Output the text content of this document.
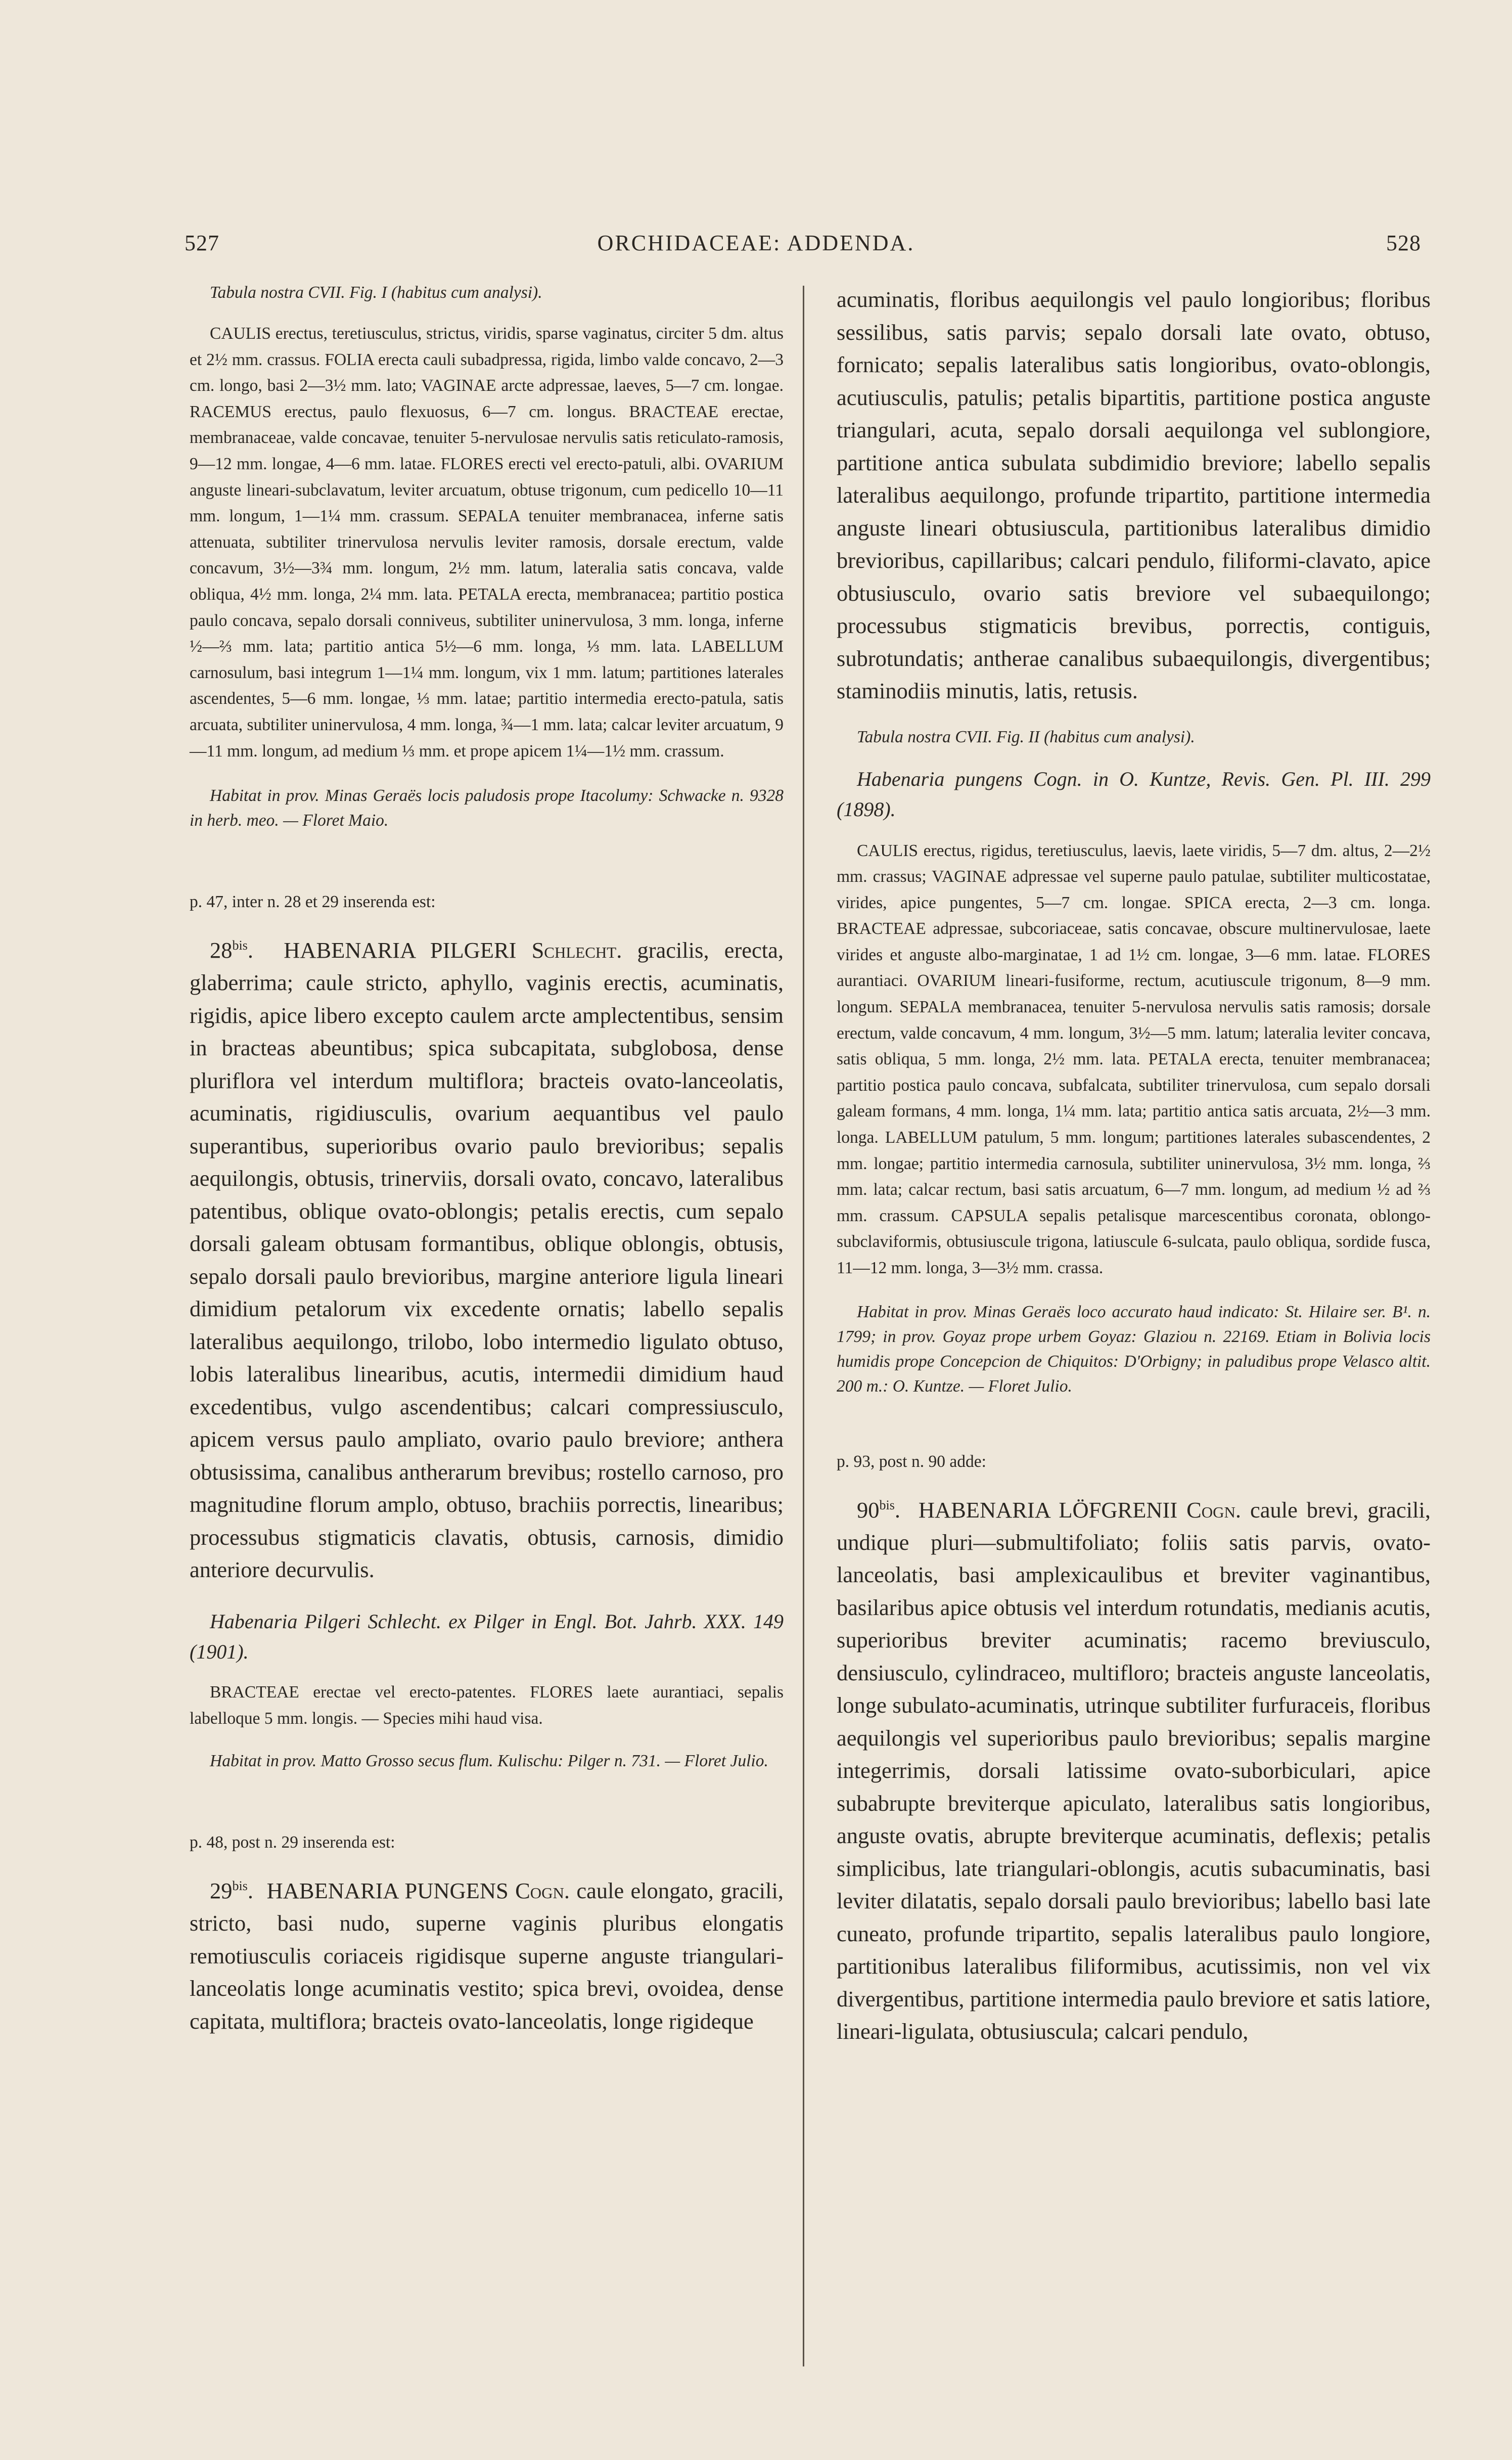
527	ORCHIDACEAE: ADDENDA.	528

Tabula nostra CVII. Fig. I (habitus cum analysi).

CAULIS erectus, teretiusculus, strictus, viridis, sparse vaginatus, circiter 5 dm. altus et 2½ mm. crassus. FOLIA erecta cauli subadpressa, rigida, limbo valde concavo, 2—3 cm. longo, basi 2—3½ mm. lato; VAGINAE arcte adpressae, laeves, 5—7 cm. longae. RACEMUS erectus, paulo flexuosus, 6—7 cm. longus. BRACTEAE erectae, membranaceae, valde concavae, tenuiter 5-nervulosae nervulis satis reticulato-ramosis, 9—12 mm. longae, 4—6 mm. latae. FLORES erecti vel erecto-patuli, albi. OVARIUM anguste lineari-subclavatum, leviter arcuatum, obtuse trigonum, cum pedicello 10—11 mm. longum, 1—1¼ mm. crassum. SEPALA tenuiter membranacea, inferne satis attenuata, subtiliter trinervulosa nervulis leviter ramosis, dorsale erectum, valde concavum, 3½—3¾ mm. longum, 2½ mm. latum, lateralia satis concava, valde obliqua, 4½ mm. longa, 2¼ mm. lata. PETALA erecta, membranacea; partitio postica paulo concava, sepalo dorsali conniveus, subtiliter uninervulosa, 3 mm. longa, inferne ½—⅔ mm. lata; partitio antica 5½—6 mm. longa, ⅓ mm. lata. LABELLUM carnosulum, basi integrum 1—1¼ mm. longum, vix 1 mm. latum; partitiones laterales ascendentes, 5—6 mm. longae, ⅓ mm. latae; partitio intermedia erecto-patula, satis arcuata, subtiliter uninervulosa, 4 mm. longa, ¾—1 mm. lata; calcar leviter arcuatum, 9—11 mm. longum, ad medium ⅓ mm. et prope apicem 1¼—1½ mm. crassum.

Habitat in prov. Minas Geraës locis paludosis prope Itacolumy: Schwacke n. 9328 in herb. meo. — Floret Maio.

p. 47, inter n. 28 et 29 inserenda est:

$28^{bis}$.  HABENARIA PILGERI Schlecht. gracilis, erecta, glaberrima; caule stricto, aphyllo, vaginis erectis, acuminatis, rigidis, apice libero excepto caulem arcte amplectentibus, sensim in bracteas abeuntibus; spica subcapitata, subglobosa, dense pluriflora vel interdum multiflora; bracteis ovato-lanceolatis, acuminatis, rigidiusculis, ovarium aequantibus vel paulo superantibus, superioribus ovario paulo brevioribus; sepalis aequilongis, obtusis, trinerviis, dorsali ovato, concavo, lateralibus patentibus, oblique ovato-oblongis; petalis erectis, cum sepalo dorsali galeam obtusam formantibus, oblique oblongis, obtusis, sepalo dorsali paulo brevioribus, margine anteriore ligula lineari dimidium petalorum vix excedente ornatis; labello sepalis lateralibus aequilongo, trilobo, lobo intermedio ligulato obtuso, lobis lateralibus linearibus, acutis, intermedii dimidium haud excedentibus, vulgo ascendentibus; calcari compressiusculo, apicem versus paulo ampliato, ovario paulo breviore; anthera obtusissima, canalibus antherarum brevibus; rostello carnoso, pro magnitudine florum amplo, obtuso, brachiis porrectis, linearibus; processubus stigmaticis clavatis, obtusis, carnosis, dimidio anteriore decurvulis.

Habenaria Pilgeri Schlecht. ex Pilger in Engl. Bot. Jahrb. XXX. 149 (1901).

BRACTEAE erectae vel erecto-patentes. FLORES laete aurantiaci, sepalis labelloque 5 mm. longis. — Species mihi haud visa.

Habitat in prov. Matto Grosso secus flum. Kulischu: Pilger n. 731. — Floret Julio.

p. 48, post n. 29 inserenda est:

$29^{bis}$.  HABENARIA PUNGENS Cogn. caule elongato, gracili, stricto, basi nudo, superne vaginis pluribus elongatis remotiusculis coriaceis rigidisque superne anguste triangulari-lanceolatis longe acuminatis vestito; spica brevi, ovoidea, dense capitata, multiflora; bracteis ovato-lanceolatis, longe rigideque

acuminatis, floribus aequilongis vel paulo longioribus; floribus sessilibus, satis parvis; sepalo dorsali late ovato, obtuso, fornicato; sepalis lateralibus satis longioribus, ovato-oblongis, acutiusculis, patulis; petalis bipartitis, partitione postica anguste triangulari, acuta, sepalo dorsali aequilonga vel sublongiore, partitione antica subulata subdimidio breviore; labello sepalis lateralibus aequilongo, profunde tripartito, partitione intermedia anguste lineari obtusiuscula, partitionibus lateralibus dimidio brevioribus, capillaribus; calcari pendulo, filiformi-clavato, apice obtusiusculo, ovario satis breviore vel subaequilongo; processubus stigmaticis brevibus, porrectis, contiguis, subrotundatis; antherae canalibus subaequilongis, divergentibus; staminodiis minutis, latis, retusis.

Tabula nostra CVII. Fig. II (habitus cum analysi).

Habenaria pungens Cogn. in O. Kuntze, Revis. Gen. Pl. III. 299 (1898).

CAULIS erectus, rigidus, teretiusculus, laevis, laete viridis, 5—7 dm. altus, 2—2½ mm. crassus; VAGINAE adpressae vel superne paulo patulae, subtiliter multicostatae, virides, apice pungentes, 5—7 cm. longae. SPICA erecta, 2—3 cm. longa. BRACTEAE adpressae, subcoriaceae, satis concavae, obscure multinervulosae, laete virides et anguste albo-marginatae, 1 ad 1½ cm. longae, 3—6 mm. latae. FLORES aurantiaci. OVARIUM lineari-fusiforme, rectum, acutiuscule trigonum, 8—9 mm. longum. SEPALA membranacea, tenuiter 5-nervulosa nervulis satis ramosis; dorsale erectum, valde concavum, 4 mm. longum, 3½—5 mm. latum; lateralia leviter concava, satis obliqua, 5 mm. longa, 2½ mm. lata. PETALA erecta, tenuiter membranacea; partitio postica paulo concava, subfalcata, subtiliter trinervulosa, cum sepalo dorsali galeam formans, 4 mm. longa, 1¼ mm. lata; partitio antica satis arcuata, 2½—3 mm. longa. LABELLUM patulum, 5 mm. longum; partitiones laterales subascendentes, 2 mm. longae; partitio intermedia carnosula, subtiliter uninervulosa, 3½ mm. longa, ⅔ mm. lata; calcar rectum, basi satis arcuatum, 6—7 mm. longum, ad medium ½ ad ⅔ mm. crassum. CAPSULA sepalis petalisque marcescentibus coronata, oblongo-subclaviformis, obtusiuscule trigona, latiuscule 6-sulcata, paulo obliqua, sordide fusca, 11—12 mm. longa, 3—3½ mm. crassa.

Habitat in prov. Minas Geraës loco accurato haud indicato: St. Hilaire ser. B¹. n. 1799; in prov. Goyaz prope urbem Goyaz: Glaziou n. 22169. Etiam in Bolivia locis humidis prope Concepcion de Chiquitos: D'Orbigny; in paludibus prope Velasco altit. 200 m.: O. Kuntze. — Floret Julio.

p. 93, post n. 90 adde:

$90^{bis}$.  HABENARIA LÖFGRENII Cogn. caule brevi, gracili, undique pluri—submultifoliato; foliis satis parvis, ovato-lanceolatis, basi amplexicaulibus et breviter vaginantibus, basilaribus apice obtusis vel interdum rotundatis, medianis acutis, superioribus breviter acuminatis; racemo breviusculo, densiusculo, cylindraceo, multifloro; bracteis anguste lanceolatis, longe subulato-acuminatis, utrinque subtiliter furfuraceis, floribus aequilongis vel superioribus paulo brevioribus; sepalis margine integerrimis, dorsali latissime ovato-suborbiculari, apice subabrupte breviterque apiculato, lateralibus satis longioribus, anguste ovatis, abrupte breviterque acuminatis, deflexis; petalis simplicibus, late triangulari-oblongis, acutis subacuminatis, basi leviter dilatatis, sepalo dorsali paulo brevioribus; labello basi late cuneato, profunde tripartito, sepalis lateralibus paulo longiore, partitionibus lateralibus filiformibus, acutissimis, non vel vix divergentibus, partitione intermedia paulo breviore et satis latiore, lineari-ligulata, obtusiuscula; calcari pendulo,
